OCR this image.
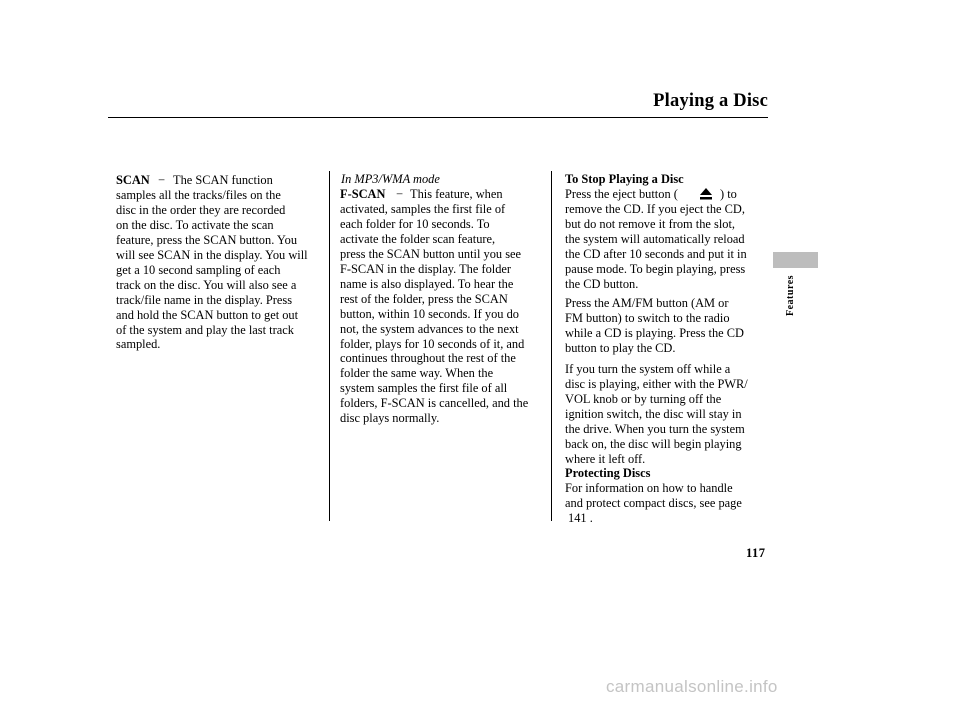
Playing a Disc
Features
SCAN − The SCAN function
samples all the tracks/files on the
disc in the order they are recorded
on the disc. To activate the scan
feature, press the SCAN button. You
will see SCAN in the display. You will
get a 10 second sampling of each
track on the disc. You will also see a
track/file name in the display. Press
and hold the SCAN button to get out
of the system and play the last track
sampled.

In MP3/WMA mode
F-SCAN − This feature, when
activated, samples the first file of
each folder for 10 seconds. To
activate the folder scan feature,
press the SCAN button until you see
F-SCAN in the display. The folder
name is also displayed. To hear the
rest of the folder, press the SCAN
button, within 10 seconds. If you do
not, the system advances to the next
folder, plays for 10 seconds of it, and
continues throughout the rest of the
folder the same way. When the
system samples the first file of all
folders, F-SCAN is cancelled, and the
disc plays normally.

To Stop Playing a Disc
Press the eject button (	) to

remove the CD. If you eject the CD,
but do not remove it from the slot,
the system will automatically reload
the CD after 10 seconds and put it in
pause mode. To begin playing, press
the CD button.

Press the AM/FM button (AM or
FM button) to switch to the radio
while a CD is playing. Press the CD
button to play the CD.

If you turn the system off while a
disc is playing, either with the PWR/
VOL knob or by turning off the
ignition switch, the disc will stay in
the drive. When you turn the system
back on, the disc will begin playing
where it left off.

Protecting Discs

For information on how to handle
and protect compact discs, see page

141 .
117
carmanualsonline.info
